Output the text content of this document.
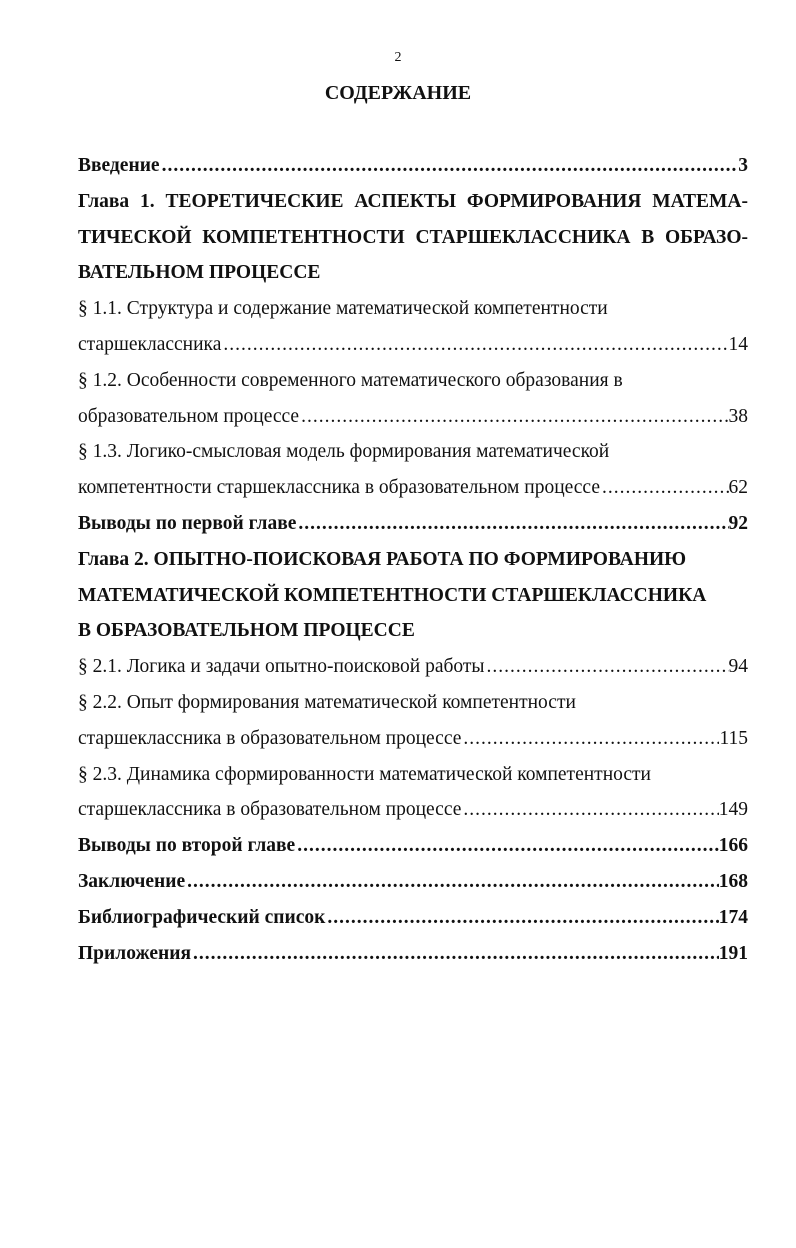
2
СОДЕРЖАНИЕ
Введение .....	3
Глава 1. ТЕОРЕТИЧЕСКИЕ АСПЕКТЫ ФОРМИРОВАНИЯ МАТЕМА-
ТИЧЕСКОЙ КОМПЕТЕНТНОСТИ СТАРШЕКЛАССНИКА В ОБРАЗО-
ВАТЕЛЬНОМ ПРОЦЕССЕ
§ 1.1. Структура и содержание математической компетентности
старшеклассника .....	14
§ 1.2. Особенности современного математического образования в
образовательном процессе .....	38
§ 1.3. Логико-смысловая модель формирования математической
компетентности старшеклассника в образовательном процессе .....	62
Выводы по первой главе .....	92
Глава 2. ОПЫТНО-ПОИСКОВАЯ РАБОТА ПО ФОРМИРОВАНИЮ
МАТЕМАТИЧЕСКОЙ КОМПЕТЕНТНОСТИ СТАРШЕКЛАССНИКА
В ОБРАЗОВАТЕЛЬНОМ ПРОЦЕССЕ
§ 2.1. Логика и задачи опытно-поисковой работы .....	94
§ 2.2. Опыт формирования математической компетентности
старшеклассника в образовательном процессе .....	115
§ 2.3. Динамика сформированности математической компетентности
старшеклассника в образовательном процессе .....	149
Выводы по второй главе .....	166
Заключение .....	168
Библиографический список .....	174
Приложения .....	191
